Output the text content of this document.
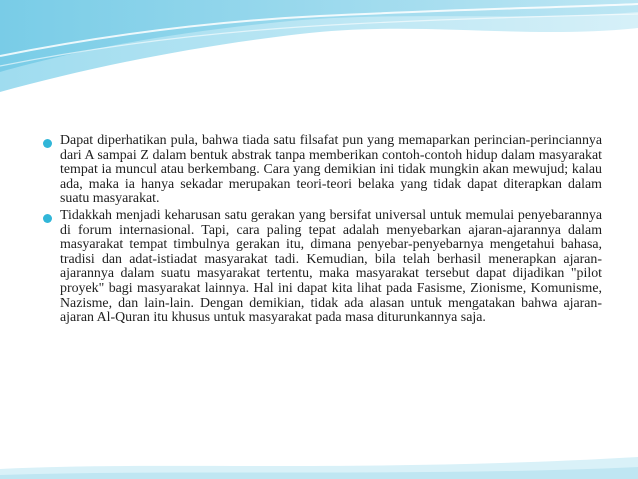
Dapat diperhatikan pula, bahwa tiada satu filsafat pun yang memaparkan perincian-perinciannya dari A sampai Z dalam bentuk abstrak tanpa memberikan contoh-contoh hidup dalam masyarakat tempat ia muncul atau berkembang. Cara yang demikian ini tidak mungkin akan mewujud; kalau ada, maka ia hanya sekadar merupakan teori-teori belaka yang tidak dapat diterapkan dalam suatu masyarakat.

Tidakkah menjadi keharusan satu gerakan yang bersifat universal untuk memulai penyebarannya di forum internasional. Tapi, cara paling tepat adalah menyebarkan ajaran-ajarannya dalam masyarakat tempat timbulnya gerakan itu, dimana penyebar-penyebarnya mengetahui bahasa, tradisi dan adat-istiadat masyarakat tadi. Kemudian, bila telah berhasil menerapkan ajaran-ajarannya dalam suatu masyarakat tertentu, maka masyarakat tersebut dapat dijadikan "pilot proyek" bagi masyarakat lainnya. Hal ini dapat kita lihat pada Fasisme, Zionisme, Komunisme, Nazisme, dan lain-lain. Dengan demikian, tidak ada alasan untuk mengatakan bahwa ajaran-ajaran Al-Quran itu khusus untuk masyarakat pada masa diturunkannya saja.
